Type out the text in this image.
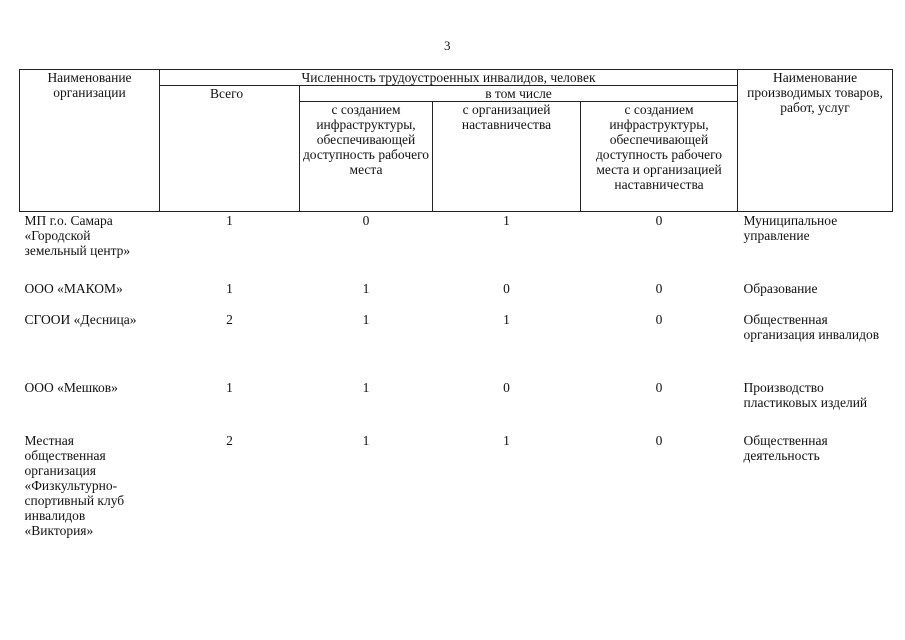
3
Наименование организации	Численность трудоустроенных инвалидов, человек				Наименование производимых товаров, работ, услуг
	Всего	в том числе			
		с созданием инфраструктуры, обеспечивающей доступность рабочего места	с организацией наставничества	с созданием инфраструктуры, обеспечивающей доступность рабочего места и организацией наставничества	
МП г.о. Самара «Городской земельный центр»	1	0	1	0	Муниципальное управление
ООО «МАКОМ»	1	1	0	0	Образование
СГООИ «Десница»	2	1	1	0	Общественная организация инвалидов
ООО «Мешков»	1	1	0	0	Производство пластиковых изделий
Местная общественная организация «Физкультурно-спортивный клуб инвалидов «Виктория»	2	1	1	0	Общественная деятельность
